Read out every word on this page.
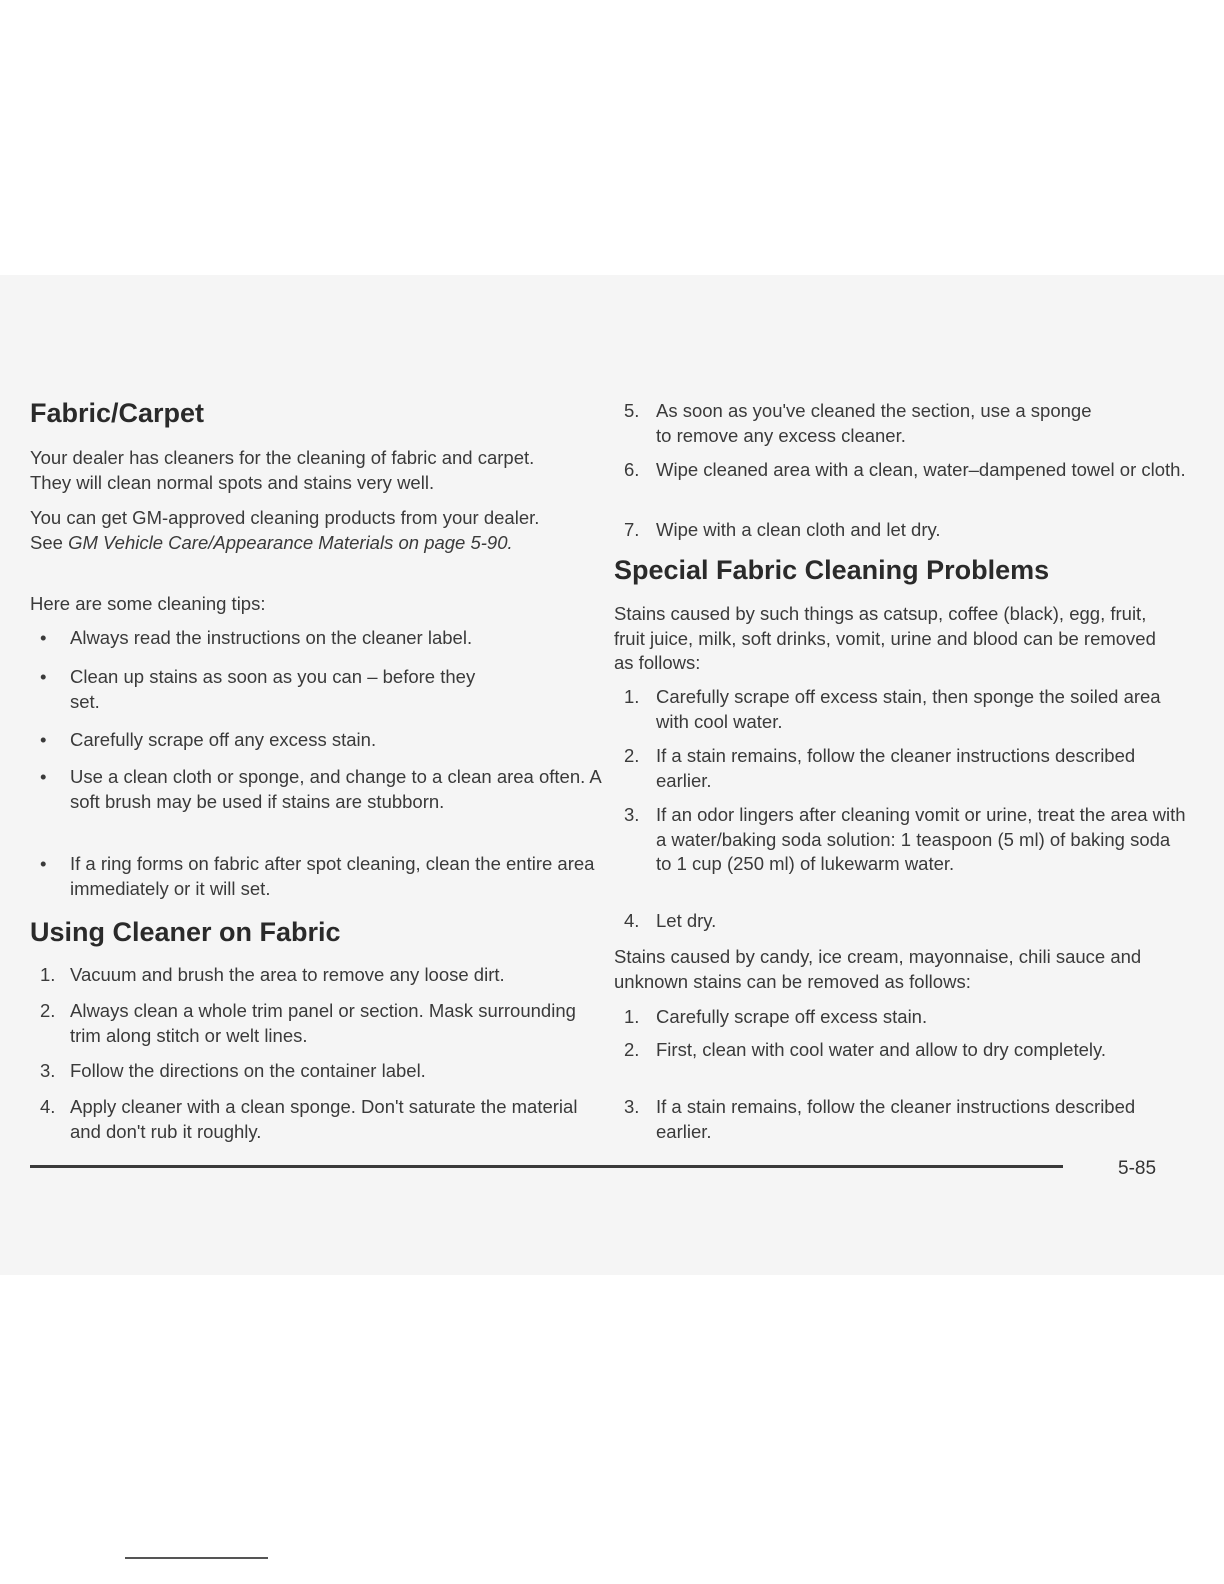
Fabric/Carpet
Your dealer has cleaners for the cleaning of fabric and carpet. They will clean normal spots and stains very well.
You can get GM-approved cleaning products from your dealer. See GM Vehicle Care/Appearance Materials on page 5-90.
Here are some cleaning tips:
• Always read the instructions on the cleaner label.
• Clean up stains as soon as you can – before they set.
• Carefully scrape off any excess stain.
• Use a clean cloth or sponge, and change to a clean area often. A soft brush may be used if stains are stubborn.
• If a ring forms on fabric after spot cleaning, clean the entire area immediately or it will set.
Using Cleaner on Fabric
1. Vacuum and brush the area to remove any loose dirt.
2. Always clean a whole trim panel or section. Mask surrounding trim along stitch or welt lines.
3. Follow the directions on the container label.
4. Apply cleaner with a clean sponge. Don't saturate the material and don't rub it roughly.
5. As soon as you've cleaned the section, use a sponge to remove any excess cleaner.
6. Wipe cleaned area with a clean, water–dampened towel or cloth.
7. Wipe with a clean cloth and let dry.
Special Fabric Cleaning Problems
Stains caused by such things as catsup, coffee (black), egg, fruit, fruit juice, milk, soft drinks, vomit, urine and blood can be removed as follows:
1. Carefully scrape off excess stain, then sponge the soiled area with cool water.
2. If a stain remains, follow the cleaner instructions described earlier.
3. If an odor lingers after cleaning vomit or urine, treat the area with a water/baking soda solution: 1 teaspoon (5 ml) of baking soda to 1 cup (250 ml) of lukewarm water.
4. Let dry.
Stains caused by candy, ice cream, mayonnaise, chili sauce and unknown stains can be removed as follows:
1. Carefully scrape off excess stain.
2. First, clean with cool water and allow to dry completely.
3. If a stain remains, follow the cleaner instructions described earlier.
5-85
